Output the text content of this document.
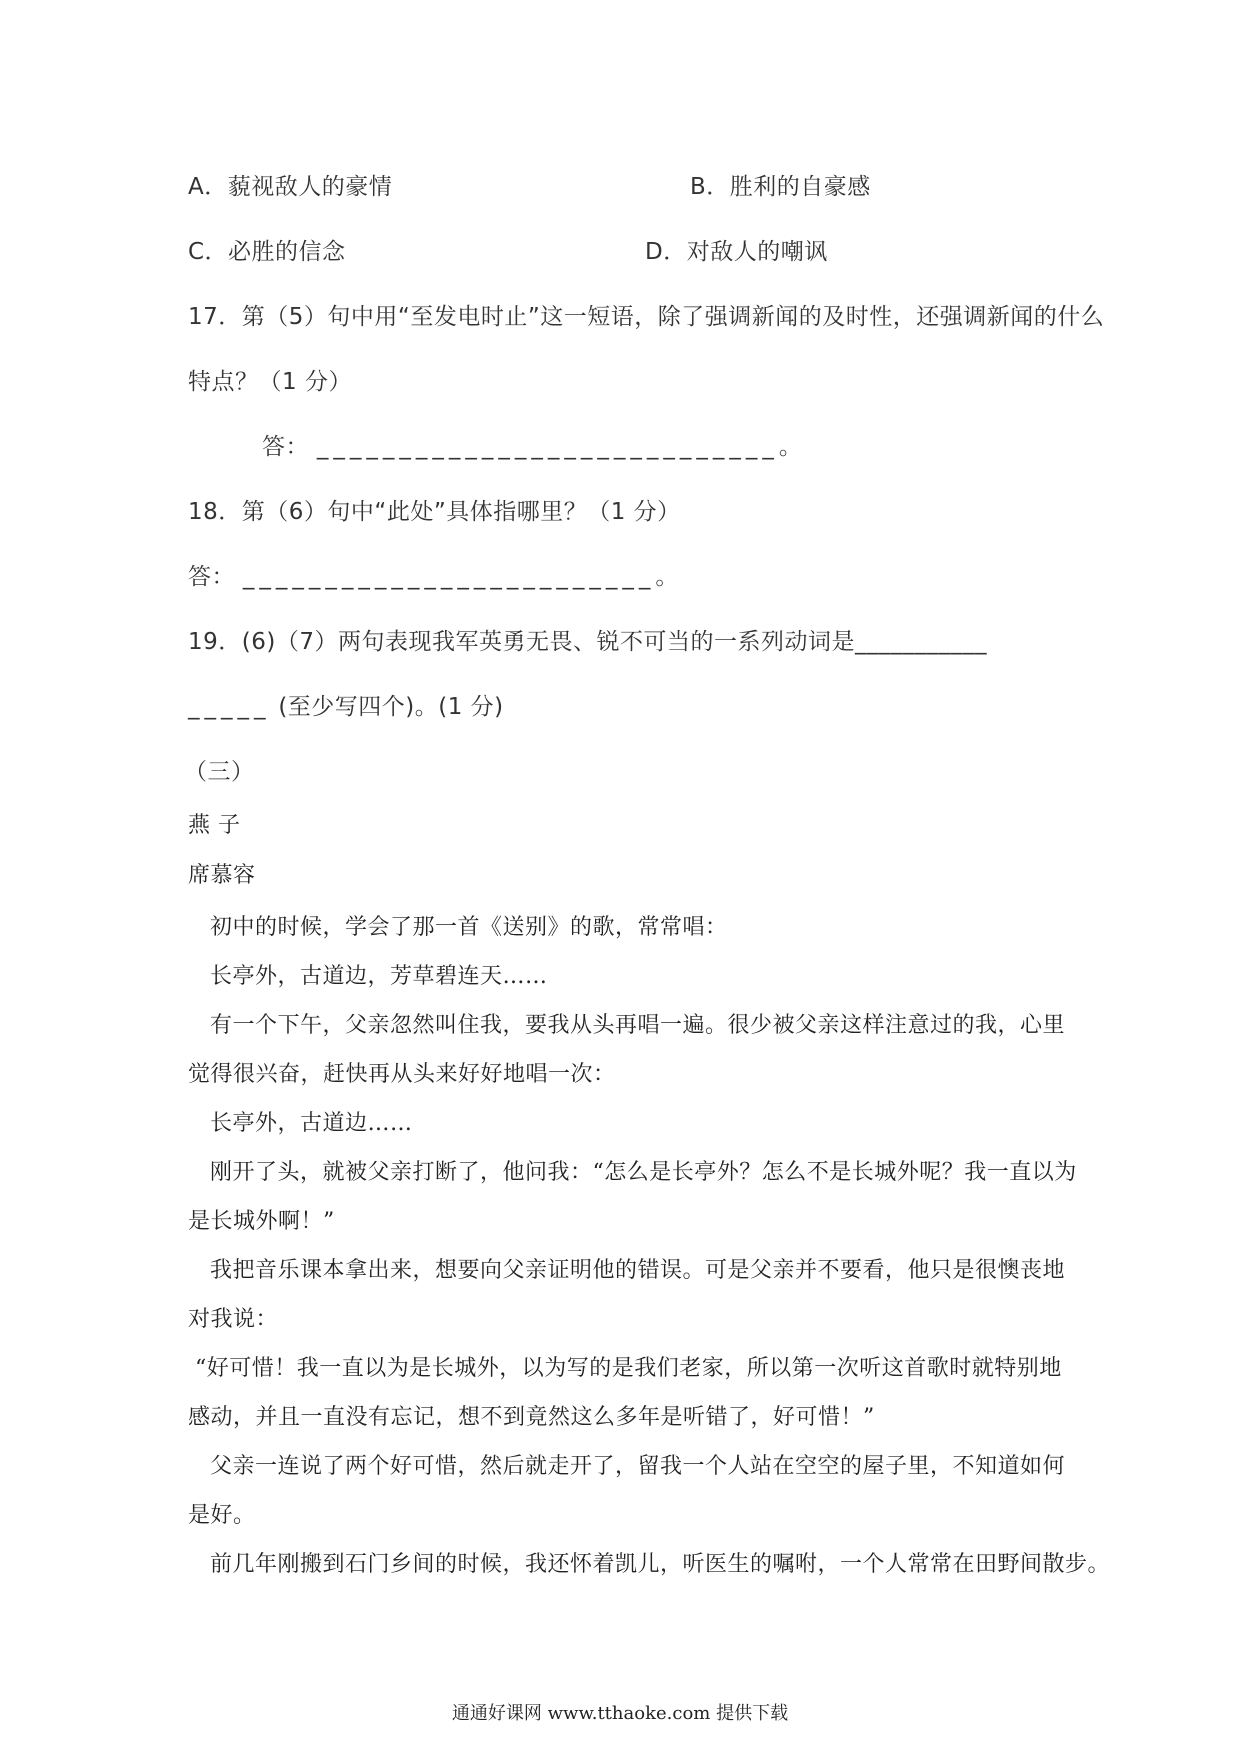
A．藐视敌人的豪情	B．胜利的自豪感
C．必胜的信念	D．对敌人的嘲讽
17．第（5）句中用“至发电时止”这一短语，除了强调新闻的及时性，还强调新闻的什么
特点？（1 分）
答： ____________________________。
18．第（6）句中“此处”具体指哪里？（1 分）
答： _________________________。
19．(6)（7）两句表现我军英勇无畏、锐不可当的一系列动词是___________
_____ (至少写四个)。(1 分)
（三）
燕 子
席慕容
初中的时候，学会了那一首《送别》的歌，常常唱：
长亭外，古道边，芳草碧连天……
有一个下午，父亲忽然叫住我，要我从头再唱一遍。很少被父亲这样注意过的我，心里
觉得很兴奋，赶快再从头来好好地唱一次：
长亭外，古道边……
刚开了头，就被父亲打断了，他问我：“怎么是长亭外？怎么不是长城外呢？我一直以为
是长城外啊！”
我把音乐课本拿出来，想要向父亲证明他的错误。可是父亲并不要看，他只是很懊丧地
对我说：
“好可惜！我一直以为是长城外，以为写的是我们老家，所以第一次听这首歌时就特别地
感动，并且一直没有忘记，想不到竟然这么多年是听错了，好可惜！”
父亲一连说了两个好可惜，然后就走开了，留我一个人站在空空的屋子里，不知道如何
是好。
前几年刚搬到石门乡间的时候，我还怀着凯儿，听医生的嘱咐，一个人常常在田野间散步。
通通好课网 www.tthaoke.com 提供下载
